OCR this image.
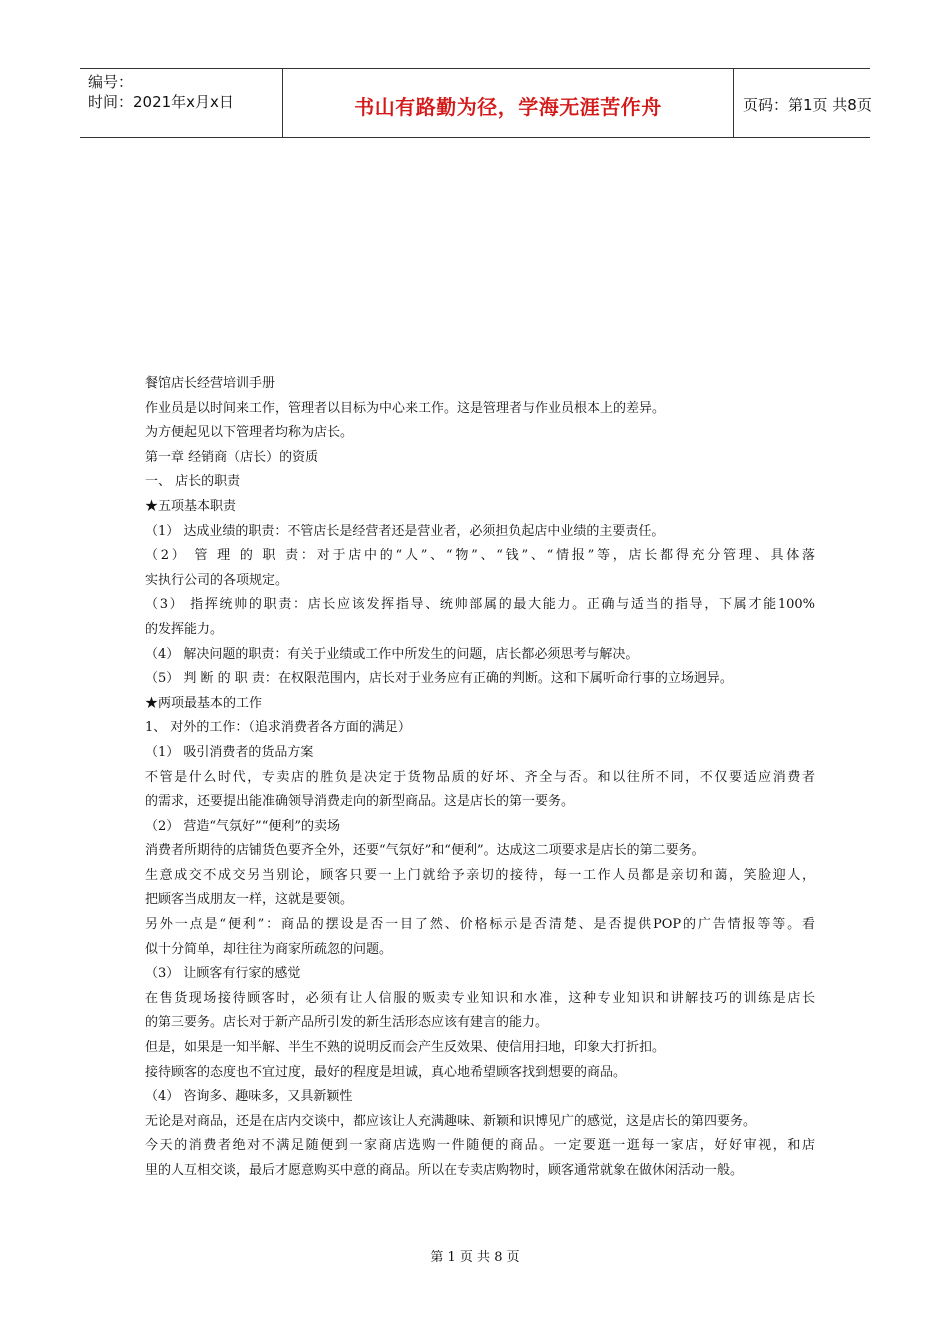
编号：
时间：2021年x月x日	书山有路勤为径，学海无涯苦作舟	页码：第1页 共8页
餐馆店长经营培训手册
作业员是以时间来工作，管理者以目标为中心来工作。这是管理者与作业员根本上的差异。
为方便起见以下管理者均称为店长。
第一章 经销商（店长）的资质
一、 店长的职责
★五项基本职责
（1） 达成业绩的职责：不管店长是经营者还是营业者，必须担负起店中业绩的主要责任。
（2） 管 理 的 职 责：对于店中的“人”、“物”、“钱”、“情报”等，店长都得充分管理、具体落
实执行公司的各项规定。
（3） 指挥统帅的职责：店长应该发挥指导、统帅部属的最大能力。正确与适当的指导，下属才能100%
的发挥能力。
（4） 解决问题的职责：有关于业绩或工作中所发生的问题，店长都必须思考与解决。
（5） 判 断 的 职 责：在权限范围内，店长对于业务应有正确的判断。这和下属听命行事的立场迥异。
★两项最基本的工作
1、 对外的工作：（追求消费者各方面的满足）
（1） 吸引消费者的货品方案
不管是什么时代，专卖店的胜负是决定于货物品质的好坏、齐全与否。和以往所不同，不仅要适应消费者
的需求，还要提出能准确领导消费走向的新型商品。这是店长的第一要务。
（2） 营造“气氛好”“便利”的卖场
消费者所期待的店铺货色要齐全外，还要“气氛好”和“便利”。达成这二项要求是店长的第二要务。
生意成交不成交另当别论，顾客只要一上门就给予亲切的接待，每一工作人员都是亲切和蔼，笑脸迎人，
把顾客当成朋友一样，这就是要领。
另外一点是“便利”：商品的摆设是否一目了然、价格标示是否清楚、是否提供POP的广告情报等等。看
似十分简单，却往往为商家所疏忽的问题。
（3） 让顾客有行家的感觉
在售货现场接待顾客时，必须有让人信服的贩卖专业知识和水准，这种专业知识和讲解技巧的训练是店长
的第三要务。店长对于新产品所引发的新生活形态应该有建言的能力。
但是，如果是一知半解、半生不熟的说明反而会产生反效果、使信用扫地，印象大打折扣。
接待顾客的态度也不宜过度，最好的程度是坦诚，真心地希望顾客找到想要的商品。
（4） 咨询多、趣味多，又具新颖性
无论是对商品，还是在店内交谈中，都应该让人充满趣味、新颖和识博见广的感觉，这是店长的第四要务。
今天的消费者绝对不满足随便到一家商店选购一件随便的商品。一定要逛一逛每一家店，好好审视，和店
里的人互相交谈，最后才愿意购买中意的商品。所以在专卖店购物时，顾客通常就象在做休闲活动一般。
第 1 页 共 8 页
